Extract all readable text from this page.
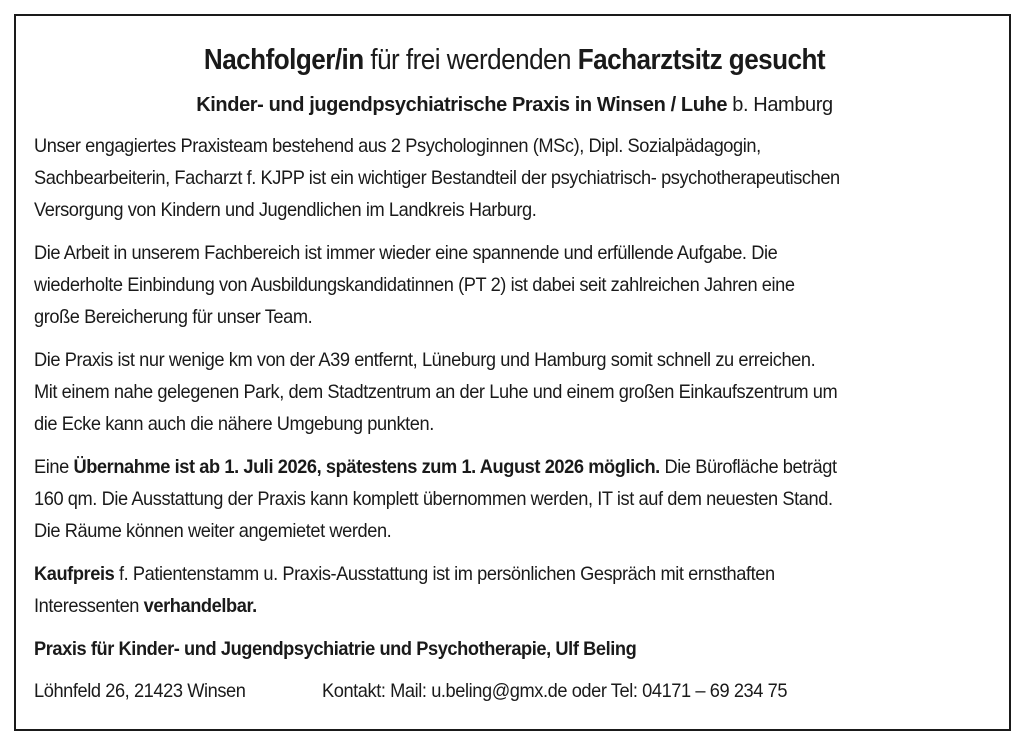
Nachfolger/in für frei werdenden Facharztsitz gesucht

Kinder- und jugendpsychiatrische Praxis in Winsen / Luhe b. Hamburg

Unser engagiertes Praxisteam bestehend aus 2 Psychologinnen (MSc), Dipl. Sozialpädagogin,
Sachbearbeiterin, Facharzt f. KJPP ist ein wichtiger Bestandteil der psychiatrisch- psychotherapeutischen
Versorgung von Kindern und Jugendlichen im Landkreis Harburg.

Die Arbeit in unserem Fachbereich ist immer wieder eine spannende und erfüllende Aufgabe. Die
wiederholte Einbindung von Ausbildungskandidatinnen (PT 2) ist dabei seit zahlreichen Jahren eine
große Bereicherung für unser Team.

Die Praxis ist nur wenige km von der A39 entfernt, Lüneburg und Hamburg somit schnell zu erreichen.
Mit einem nahe gelegenen Park, dem Stadtzentrum an der Luhe und einem großen Einkaufszentrum um
die Ecke kann auch die nähere Umgebung punkten.

Eine Übernahme ist ab 1. Juli 2026, spätestens zum 1. August 2026 möglich. Die Bürofläche beträgt
160 qm. Die Ausstattung der Praxis kann komplett übernommen werden, IT ist auf dem neuesten Stand.
Die Räume können weiter angemietet werden.

Kaufpreis f. Patientenstamm u. Praxis-Ausstattung ist im persönlichen Gespräch mit ernsthaften
Interessenten verhandelbar.

Praxis für Kinder- und Jugendpsychiatrie und Psychotherapie, Ulf Beling

Löhnfeld 26, 21423 Winsen	Kontakt: Mail: u.beling@gmx.de oder Tel: 04171 – 69 234 75
